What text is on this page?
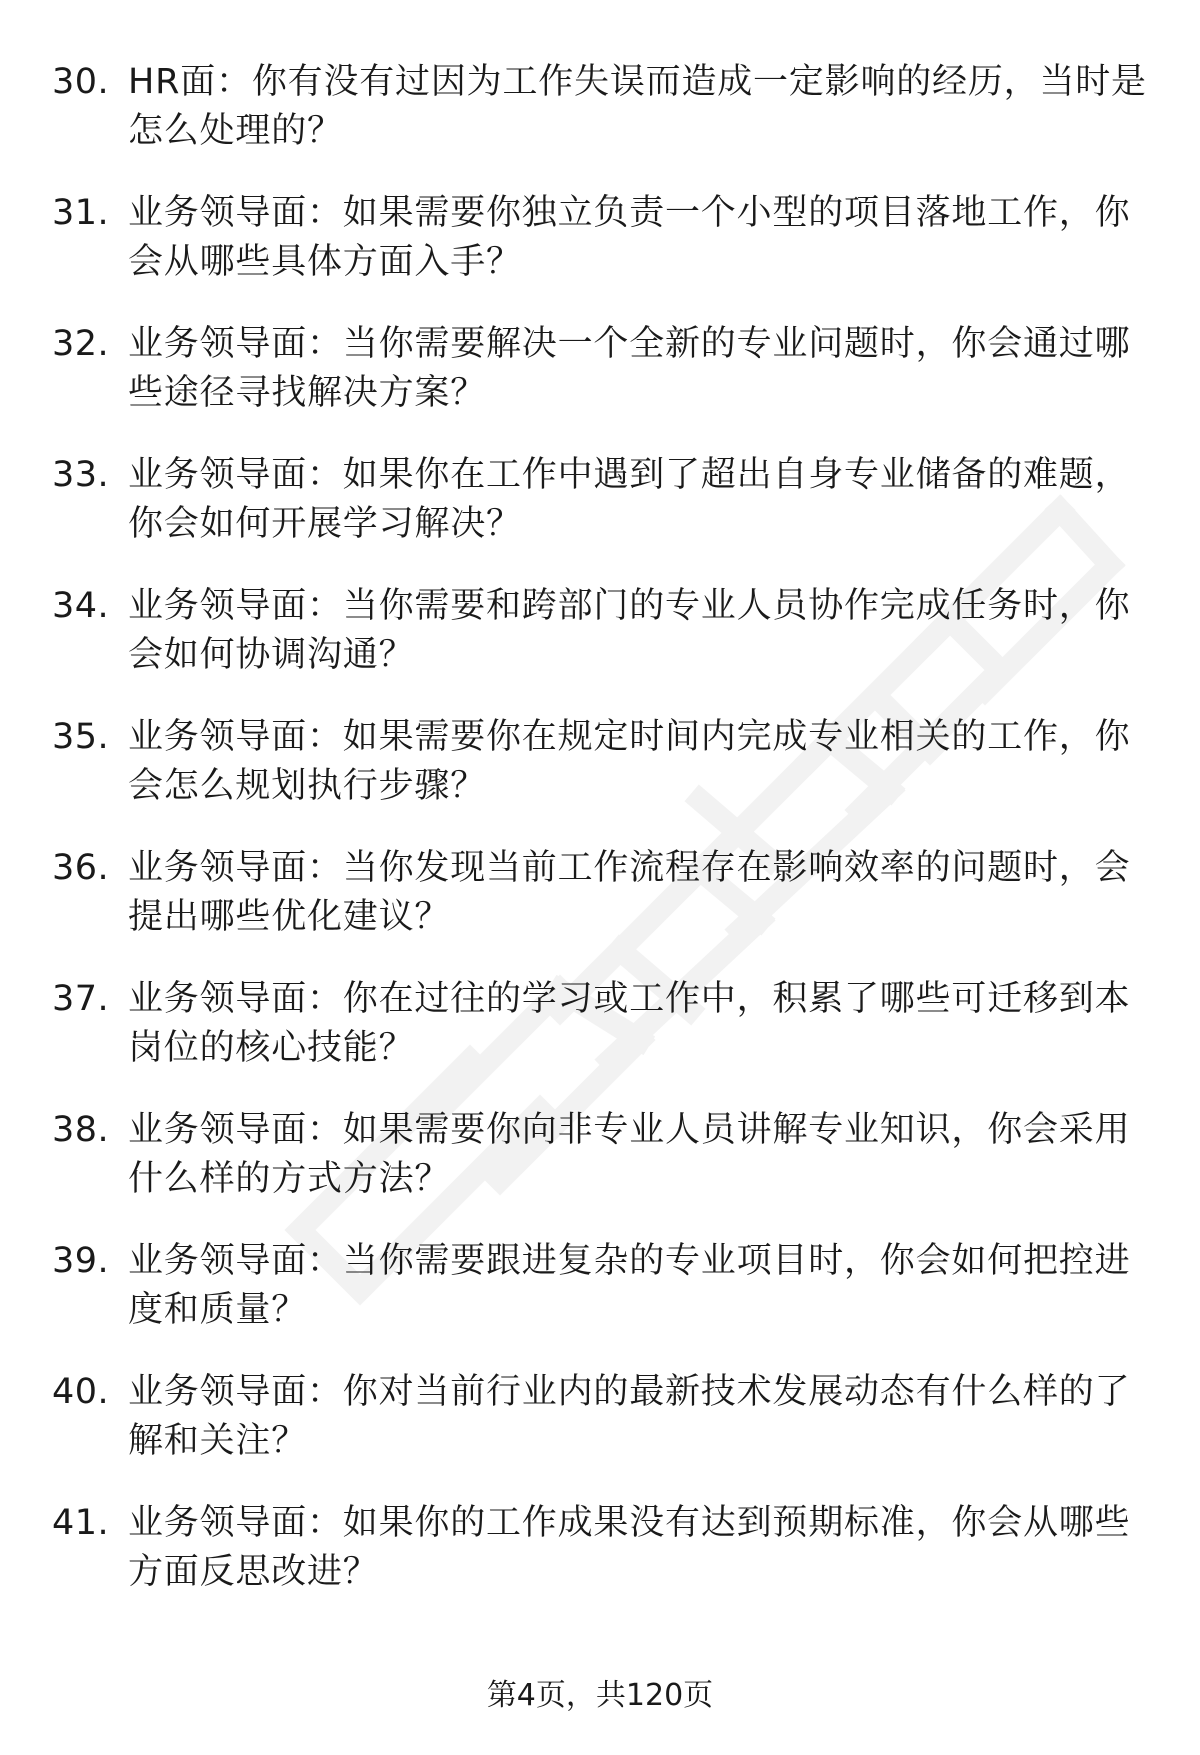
30. HR面：你有没有过因为工作失误而造成一定影响的经历，当时是怎么处理的？
31. 业务领导面：如果需要你独立负责一个小型的项目落地工作，你会从哪些具体方面入手？
32. 业务领导面：当你需要解决一个全新的专业问题时，你会通过哪些途径寻找解决方案？
33. 业务领导面：如果你在工作中遇到了超出自身专业储备的难题，你会如何开展学习解决？
34. 业务领导面：当你需要和跨部门的专业人员协作完成任务时，你会如何协调沟通？
35. 业务领导面：如果需要你在规定时间内完成专业相关的工作，你会怎么规划执行步骤？
36. 业务领导面：当你发现当前工作流程存在影响效率的问题时，会提出哪些优化建议？
37. 业务领导面：你在过往的学习或工作中，积累了哪些可迁移到本岗位的核心技能？
38. 业务领导面：如果需要你向非专业人员讲解专业知识，你会采用什么样的方式方法？
39. 业务领导面：当你需要跟进复杂的专业项目时，你会如何把控进度和质量？
40. 业务领导面：你对当前行业内的最新技术发展动态有什么样的了解和关注？
41. 业务领导面：如果你的工作成果没有达到预期标准，你会从哪些方面反思改进？
第4页，共120页
